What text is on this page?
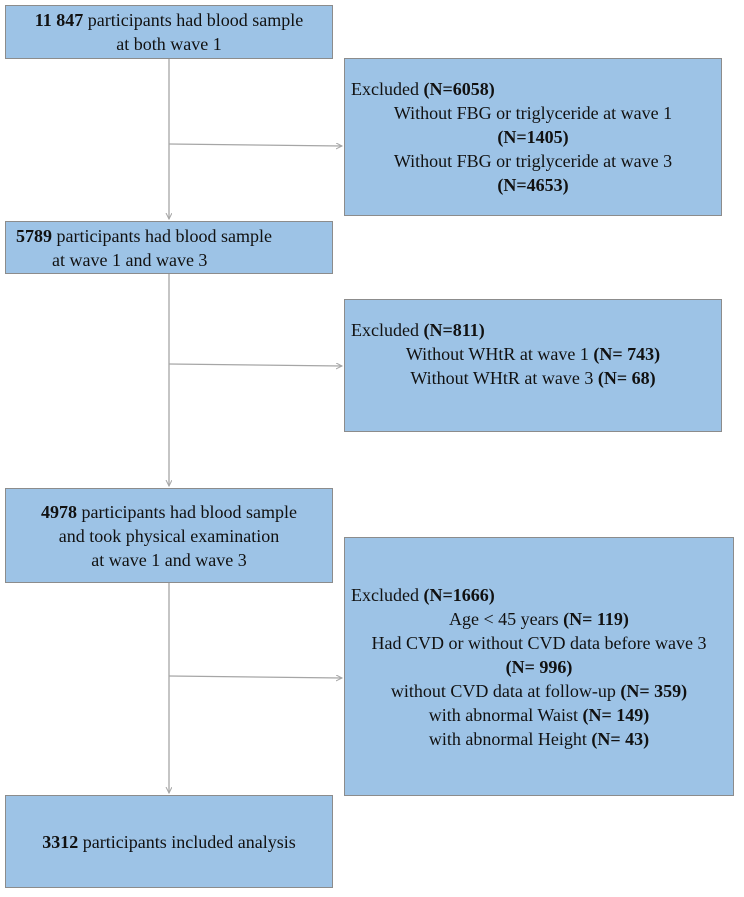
11 847 participants had blood sample
at both wave 1
Excluded (N=6058)
Without FBG or triglyceride at wave 1
(N=1405)
Without FBG or triglyceride at wave 3
(N=4653)
5789 participants had blood sample
at wave 1 and wave 3
Excluded (N=811)
Without WHtR at wave 1 (N= 743)
Without WHtR at wave 3 (N= 68)
4978 participants had blood sample
and took physical examination
at wave 1 and wave 3
Excluded (N=1666)
Age < 45 years (N= 119)
Had CVD or without CVD data before wave 3
(N= 996)
without CVD data at follow-up (N= 359)
with abnormal Waist (N= 149)
with abnormal Height (N= 43)
3312 participants included analysis
